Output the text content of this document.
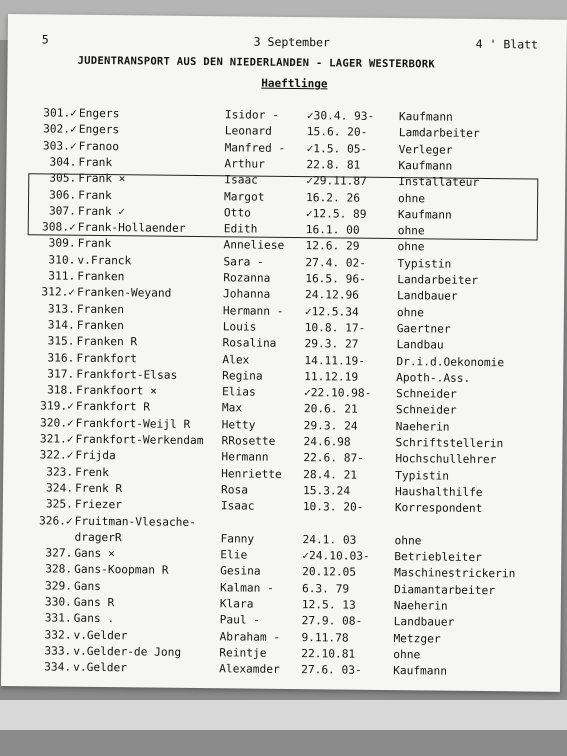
5	3 September	4 ' Blatt
JUDENTRANSPORT AUS DEN NIEDERLANDEN - LAGER WESTERBORK
Haeftlinge
301.✓ Engers	Isidor - ✓30.4. 93- Kaufmann
302.✓ Engers	Leonard	15.6. 20-	Lamdarbeiter
303.✓ Franoo	Manfred - ✓1.5. 05-	Verleger
304. Frank	Arthur	22.8. 81	Kaufmann
305. Frank ×	Isaac	✓29.11.87	Installateur
306. Frank	Margot	16.2. 26	ohne
307. Frank ✓	Otto	✓12.5. 89	Kaufmann
308.✓ Frank-Hollaender	Edith	16.1. 00	ohne
309. Frank	Anneliese 12.6. 29	ohne
310. v.Franck	Sara -	27.4. 02-	Typistin
311. Franken	Rozanna	16.5. 96-	Landarbeiter
312.✓ Franken-Weyand	Johanna	24.12.96	Landbauer
313. Franken	Hermann - ✓12.5.34	ohne
314. Franken	Louis	10.8. 17-	Gaertner
315. Franken R	Rosalina 29.3. 27	Landbau
316. Frankfort	Alex	14.11.19-	Dr.i.d.Oekonomie
317. Frankfort-Elsas	Regina	11.12.19	Apoth-.Ass.
318. Frankfoort ×	Elias	✓22.10.98- Schneider
319.✓ Frankfort R	Max	20.6. 21	Schneider
320.✓ Frankfort-Weijl R	Hetty	29.3. 24	Naeherin
321.✓ Frankfort-Werkendam RRosette 24.6.98	Schriftstellerin
322.✓ Frijda	Hermann	22.6. 87-	Hochschullehrer
323. Frenk	Henriette 28.4. 21	Typistin
324. Frenk R	Rosa	15.3.24	Haushalthilfe
325. Friezer	Isaac	10.3. 20-	Korrespondent
326.✓ Fruitman-Vlesache-
dragerR	Fanny	24.1. 03	ohne
327. Gans ×	Elie	✓24.10.03- Betriebleiter
328. Gans-Koopman R	Gesina	20.12.05	Maschinestrickerin
329. Gans	Kalman - 6.3. 79	Diamantarbeiter
330. Gans R	Klara	12.5. 13	Naeherin
331. Gans .	Paul -	27.9. 08-	Landbauer
332. v.Gelder	Abraham - 9.11.78	Metzger
333. v.Gelder-de Jong	Reintje	22.10.81	ohne
334. v.Gelder	Alexamder 27.6. 03-	Kaufmann
